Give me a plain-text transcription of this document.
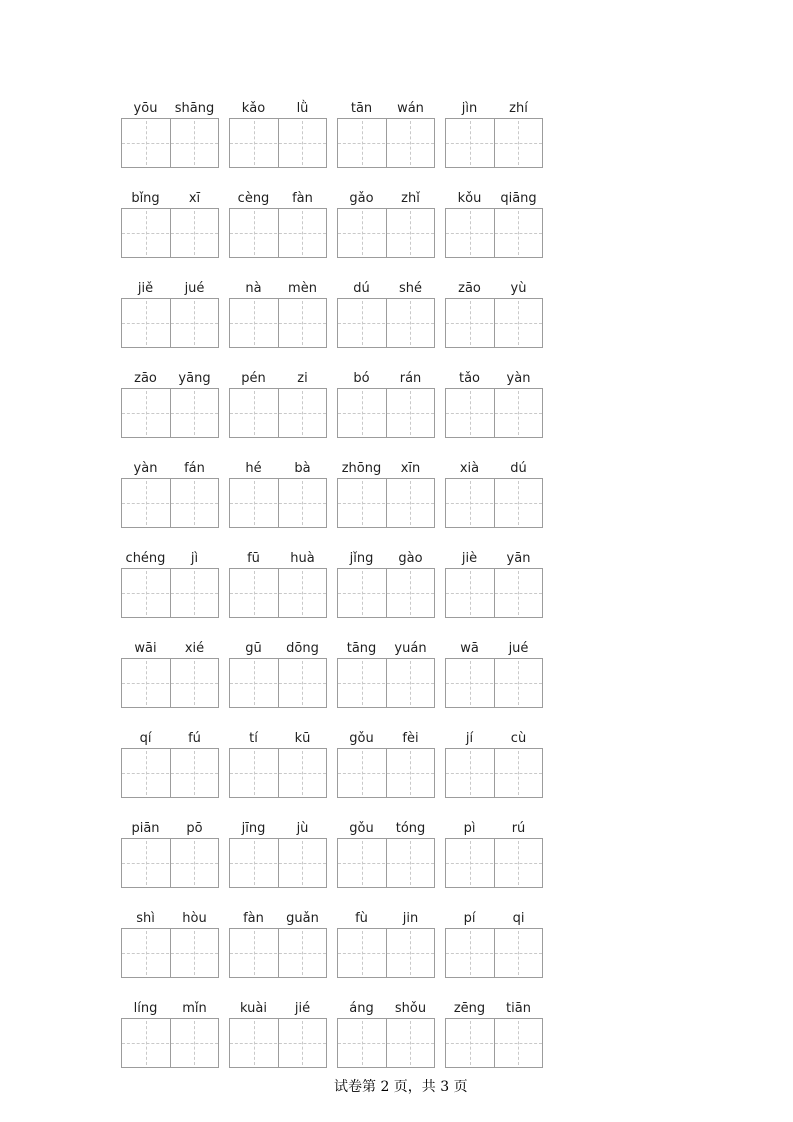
yōu	shāng	kǎo	lǜ	tān	wán	jìn	zhí
bǐng	xī	cèng	fàn	gǎo	zhǐ	kǒu	qiāng
jiě	jué	nà	mèn	dú	shé	zāo	yù
zāo	yāng	pén	zi	bó	rán	tǎo	yàn
yàn	fán	hé	bà	zhōng	xīn	xià	dú
chéng	jì	fū	huà	jǐng	gào	jiè	yān
wāi	xié	gū	dōng	tāng	yuán	wā	jué
qí	fú	tí	kū	gǒu	fèi	jí	cù
piān	pō	jīng	jù	gǒu	tóng	pì	rú
shì	hòu	fàn	guǎn	fù	jin	pí	qi
líng	mǐn	kuài	jié	áng	shǒu	zēng	tiān
试卷第 2 页，共 3 页
